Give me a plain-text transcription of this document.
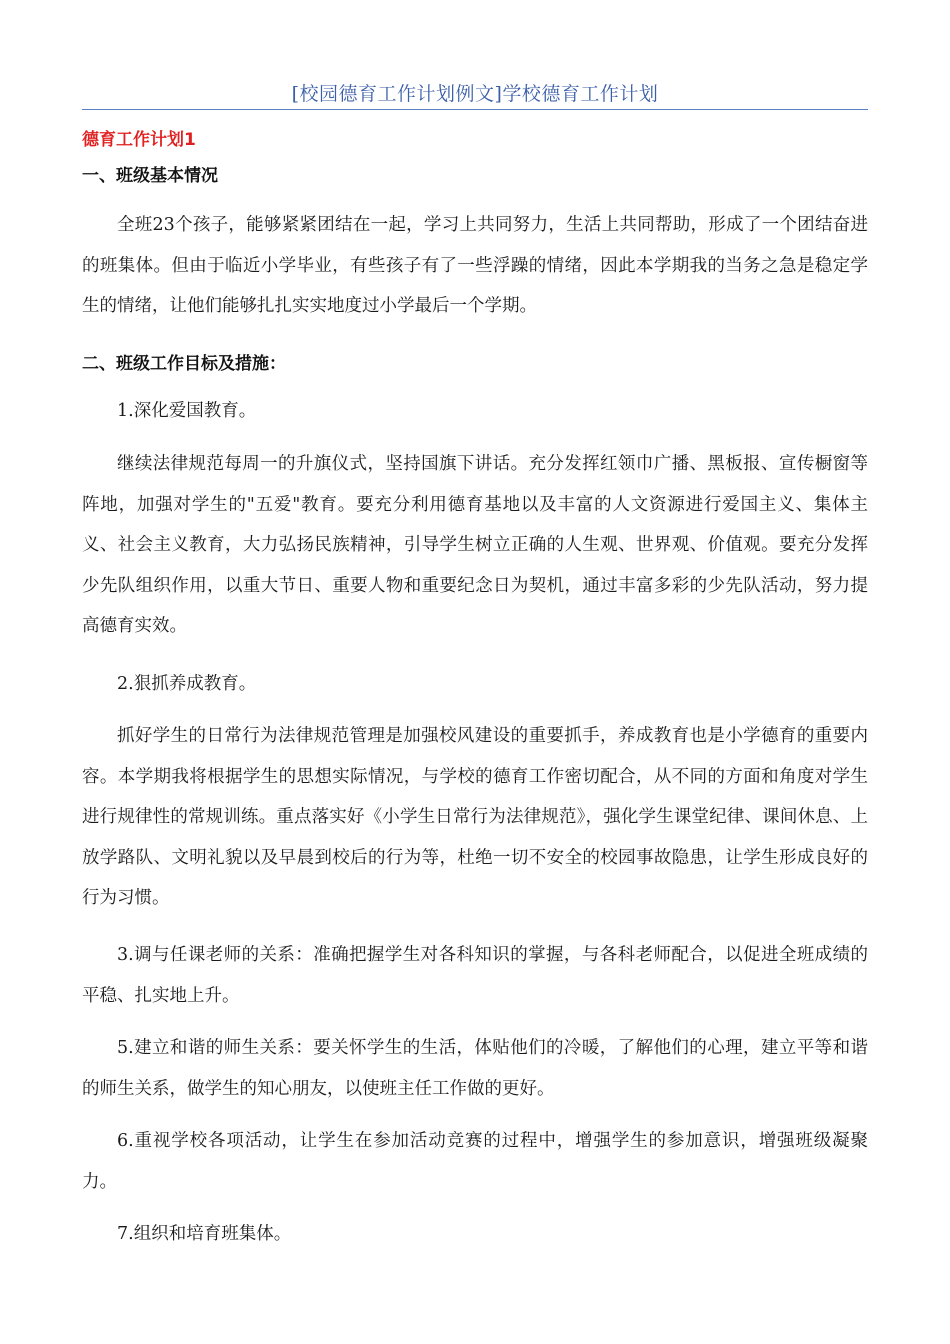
[校园德育工作计划例文]学校德育工作计划
德育工作计划1
一、班级基本情况
全班23个孩子，能够紧紧团结在一起，学习上共同努力，生活上共同帮助，形成了一个团结奋进的班集体。但由于临近小学毕业，有些孩子有了一些浮躁的情绪，因此本学期我的当务之急是稳定学生的情绪，让他们能够扎扎实实地度过小学最后一个学期。
二、班级工作目标及措施：
1.深化爱国教育。
继续法律规范每周一的升旗仪式，坚持国旗下讲话。充分发挥红领巾广播、黑板报、宣传橱窗等阵地，加强对学生的"五爱"教育。要充分利用德育基地以及丰富的人文资源进行爱国主义、集体主义、社会主义教育，大力弘扬民族精神，引导学生树立正确的人生观、世界观、价值观。要充分发挥少先队组织作用，以重大节日、重要人物和重要纪念日为契机，通过丰富多彩的少先队活动，努力提高德育实效。
2.狠抓养成教育。
抓好学生的日常行为法律规范管理是加强校风建设的重要抓手，养成教育也是小学德育的重要内容。本学期我将根据学生的思想实际情况，与学校的德育工作密切配合，从不同的方面和角度对学生进行规律性的常规训练。重点落实好《小学生日常行为法律规范》，强化学生课堂纪律、课间休息、上放学路队、文明礼貌以及早晨到校后的行为等，杜绝一切不安全的校园事故隐患，让学生形成良好的行为习惯。
3.调与任课老师的关系：准确把握学生对各科知识的掌握，与各科老师配合，以促进全班成绩的平稳、扎实地上升。
5.建立和谐的师生关系：要关怀学生的生活，体贴他们的冷暖，了解他们的心理，建立平等和谐的师生关系，做学生的知心朋友，以使班主任工作做的更好。
6.重视学校各项活动，让学生在参加活动竞赛的过程中，增强学生的参加意识，增强班级凝聚力。
7.组织和培育班集体。
